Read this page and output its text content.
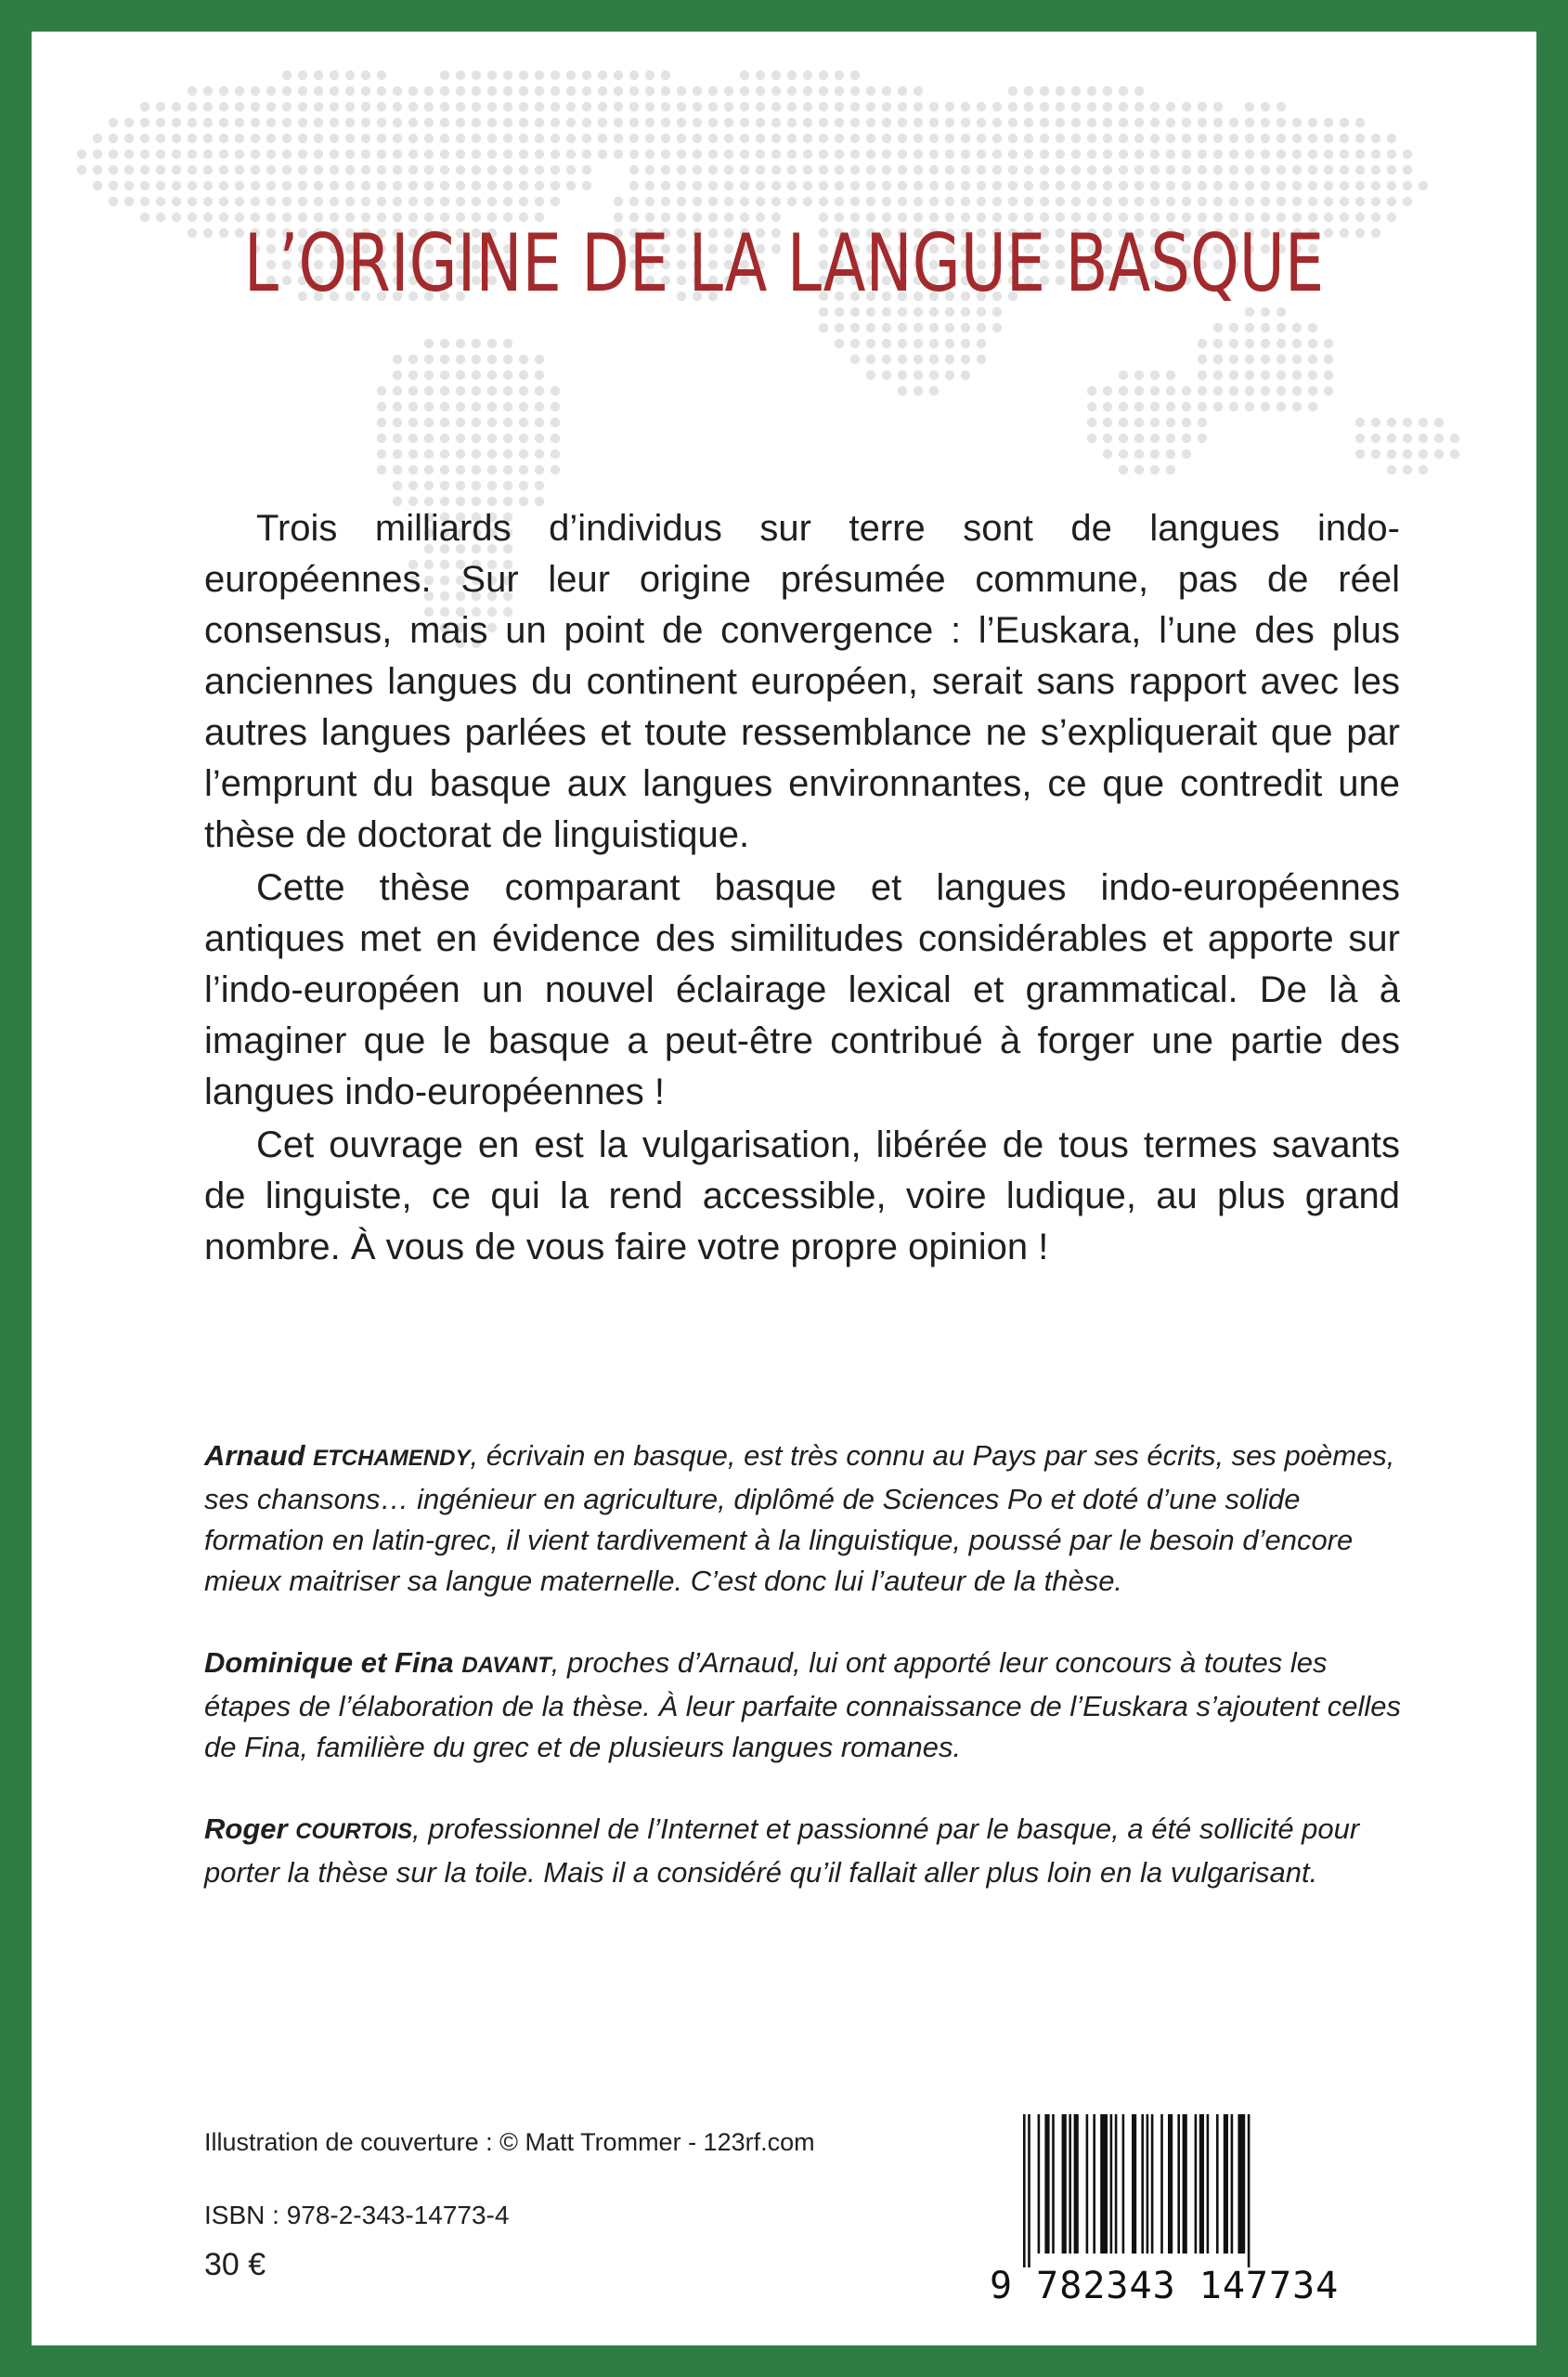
L’ORIGINE DE LA LANGUE BASQUE

Trois milliards d’individus sur terre sont de langues indo-européennes. Sur leur origine présumée commune, pas de réel consensus, mais un point de convergence : l’Euskara, l’une des plus anciennes langues du continent européen, serait sans rapport avec les autres langues parlées et toute ressemblance ne s’expliquerait que par l’emprunt du basque aux langues environnantes, ce que contredit une thèse de doctorat de linguistique.

Cette thèse comparant basque et langues indo-européennes antiques met en évidence des similitudes considérables et apporte sur l’indo-européen un nouvel éclairage lexical et grammatical. De là à imaginer que le basque a peut-être contribué à forger une partie des langues indo-européennes !

Cet ouvrage en est la vulgarisation, libérée de tous termes savants de linguiste, ce qui la rend accessible, voire ludique, au plus grand nombre. À vous de vous faire votre propre opinion !

Arnaud ETCHAMENDY, écrivain en basque, est très connu au Pays par ses écrits, ses poèmes, ses chansons… ingénieur en agriculture, diplômé de Sciences Po et doté d’une solide formation en latin-grec, il vient tardivement à la linguistique, poussé par le besoin d’encore mieux maitriser sa langue maternelle. C’est donc lui l’auteur de la thèse.

Dominique et Fina DAVANT, proches d’Arnaud, lui ont apporté leur concours à toutes les étapes de l’élaboration de la thèse. À leur parfaite connaissance de l’Euskara s’ajoutent celles de Fina, familière du grec et de plusieurs langues romanes.

Roger COURTOIS, professionnel de l’Internet et passionné par le basque, a été sollicité pour porter la thèse sur la toile. Mais il a considéré qu’il fallait aller plus loin en la vulgarisant.

Illustration de couverture : © Matt Trommer - 123rf.com
ISBN : 978-2-343-14773-4
30 €	9 782343 147734
